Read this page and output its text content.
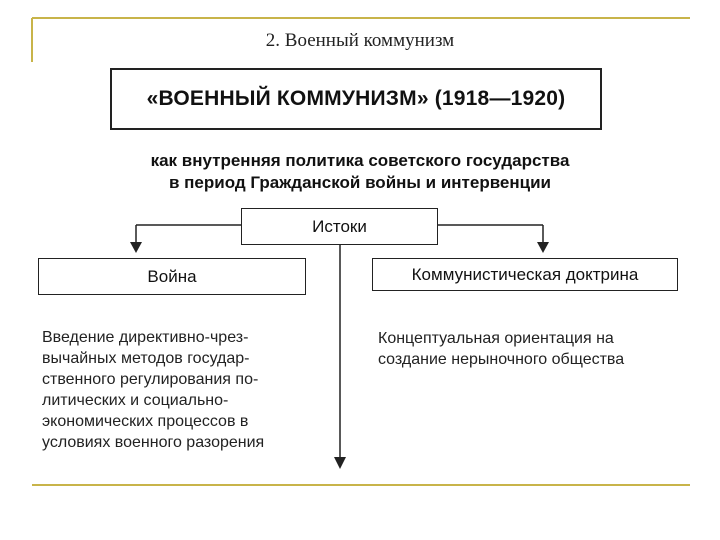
2. Военный коммунизм
«ВОЕННЫЙ КОММУНИЗМ» (1918—1920)
как внутренняя политика советского государства
в период Гражданской войны и интервенции
Истоки
Война	Коммунистическая доктрина
Введение директивно-чрез-
вычайных методов государ-
ственного регулирования по-
литических и социально-
экономических процессов в
условиях военного разорения
Концептуальная ориентация на
создание нерыночного общества
